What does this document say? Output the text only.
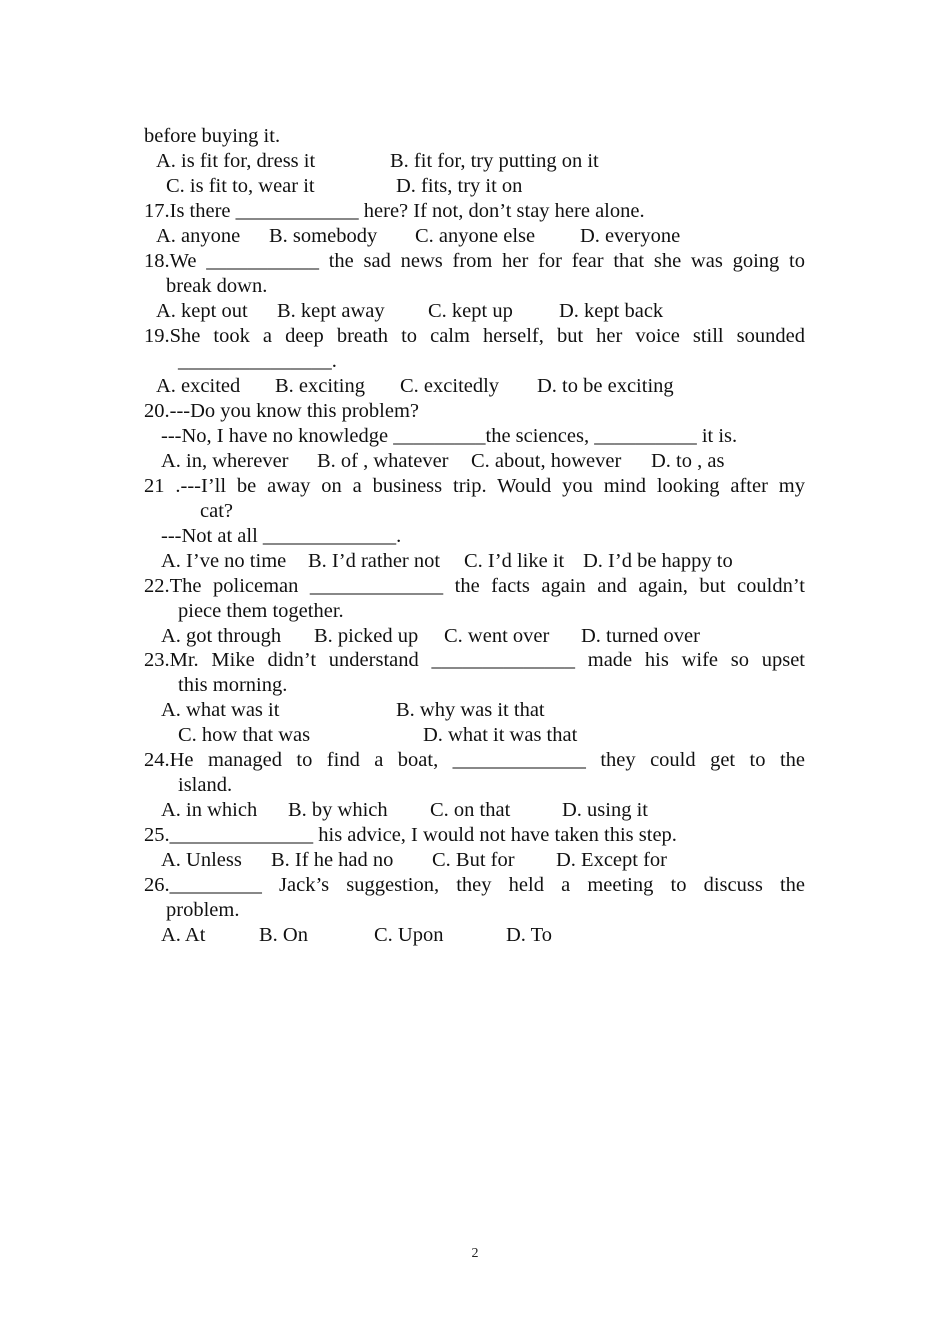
before buying it.
A. is fit for, dress it	B. fit for, try putting on it
C. is fit to, wear it	D. fits, try it on
17.Is there ____________ here? If not, don’t stay here alone.
A. anyone B. somebody C. anyone else D. everyone
18.We ___________ the sad news from her for fear that she was going to
break down.
A. kept out B. kept away C. kept up D. kept back
19.She took a deep breath to calm herself, but her voice still sounded
_______________.
A. excited B. exciting C. excitedly D. to be exciting
20.---Do you know this problem?
---No, I have no knowledge _________the sciences, __________ it is.
A. in, wherever B. of , whatever C. about, however D. to , as
21 .---I’ll be away on a business trip. Would you mind looking after my
cat?
---Not at all _____________.
A. I’ve no time B. I’d rather not C. I’d like it D. I’d be happy to
22.The policeman _____________ the facts again and again, but couldn’t
piece them together.
A. got through B. picked up C. went over D. turned over
23.Mr. Mike didn’t understand ______________ made his wife so upset
this morning.
A. what was it	B. why was it that
C. how that was	D. what it was that
24.He managed to find a boat, _____________ they could get to the
island.
A. in which B. by which C. on that	D. using it
25.______________ his advice, I would not have taken this step.
A. Unless B. If he had no C. But for D. Except for
26._________ Jack’s suggestion, they held a meeting to discuss the
problem.
A. At	B. On	C. Upon	D. To
2
